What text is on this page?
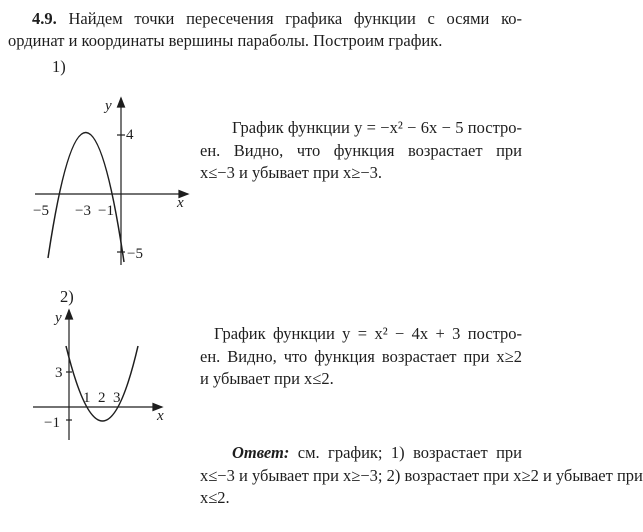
4.9. Найдем точки пересечения графика функции с осями ко-
ординат и координаты вершины параболы. Построим график.
1)
y
x
4
−5
−5 −3 −1
График функции y = −x² − 6x − 5 постро-
ен. Видно, что функция возрастает при
x≤−3 и убывает при x≥−3.
2)
y
x
3
−1
1 2 3
График функции y = x² − 4x + 3 постро-
ен. Видно, что функция возрастает при x≥2
и убывает при x≤2.
Ответ: см. график; 1) возрастает при
x≤−3 и убывает при x≥−3; 2) возрастает при x≥2 и убывает при
x≤2.
